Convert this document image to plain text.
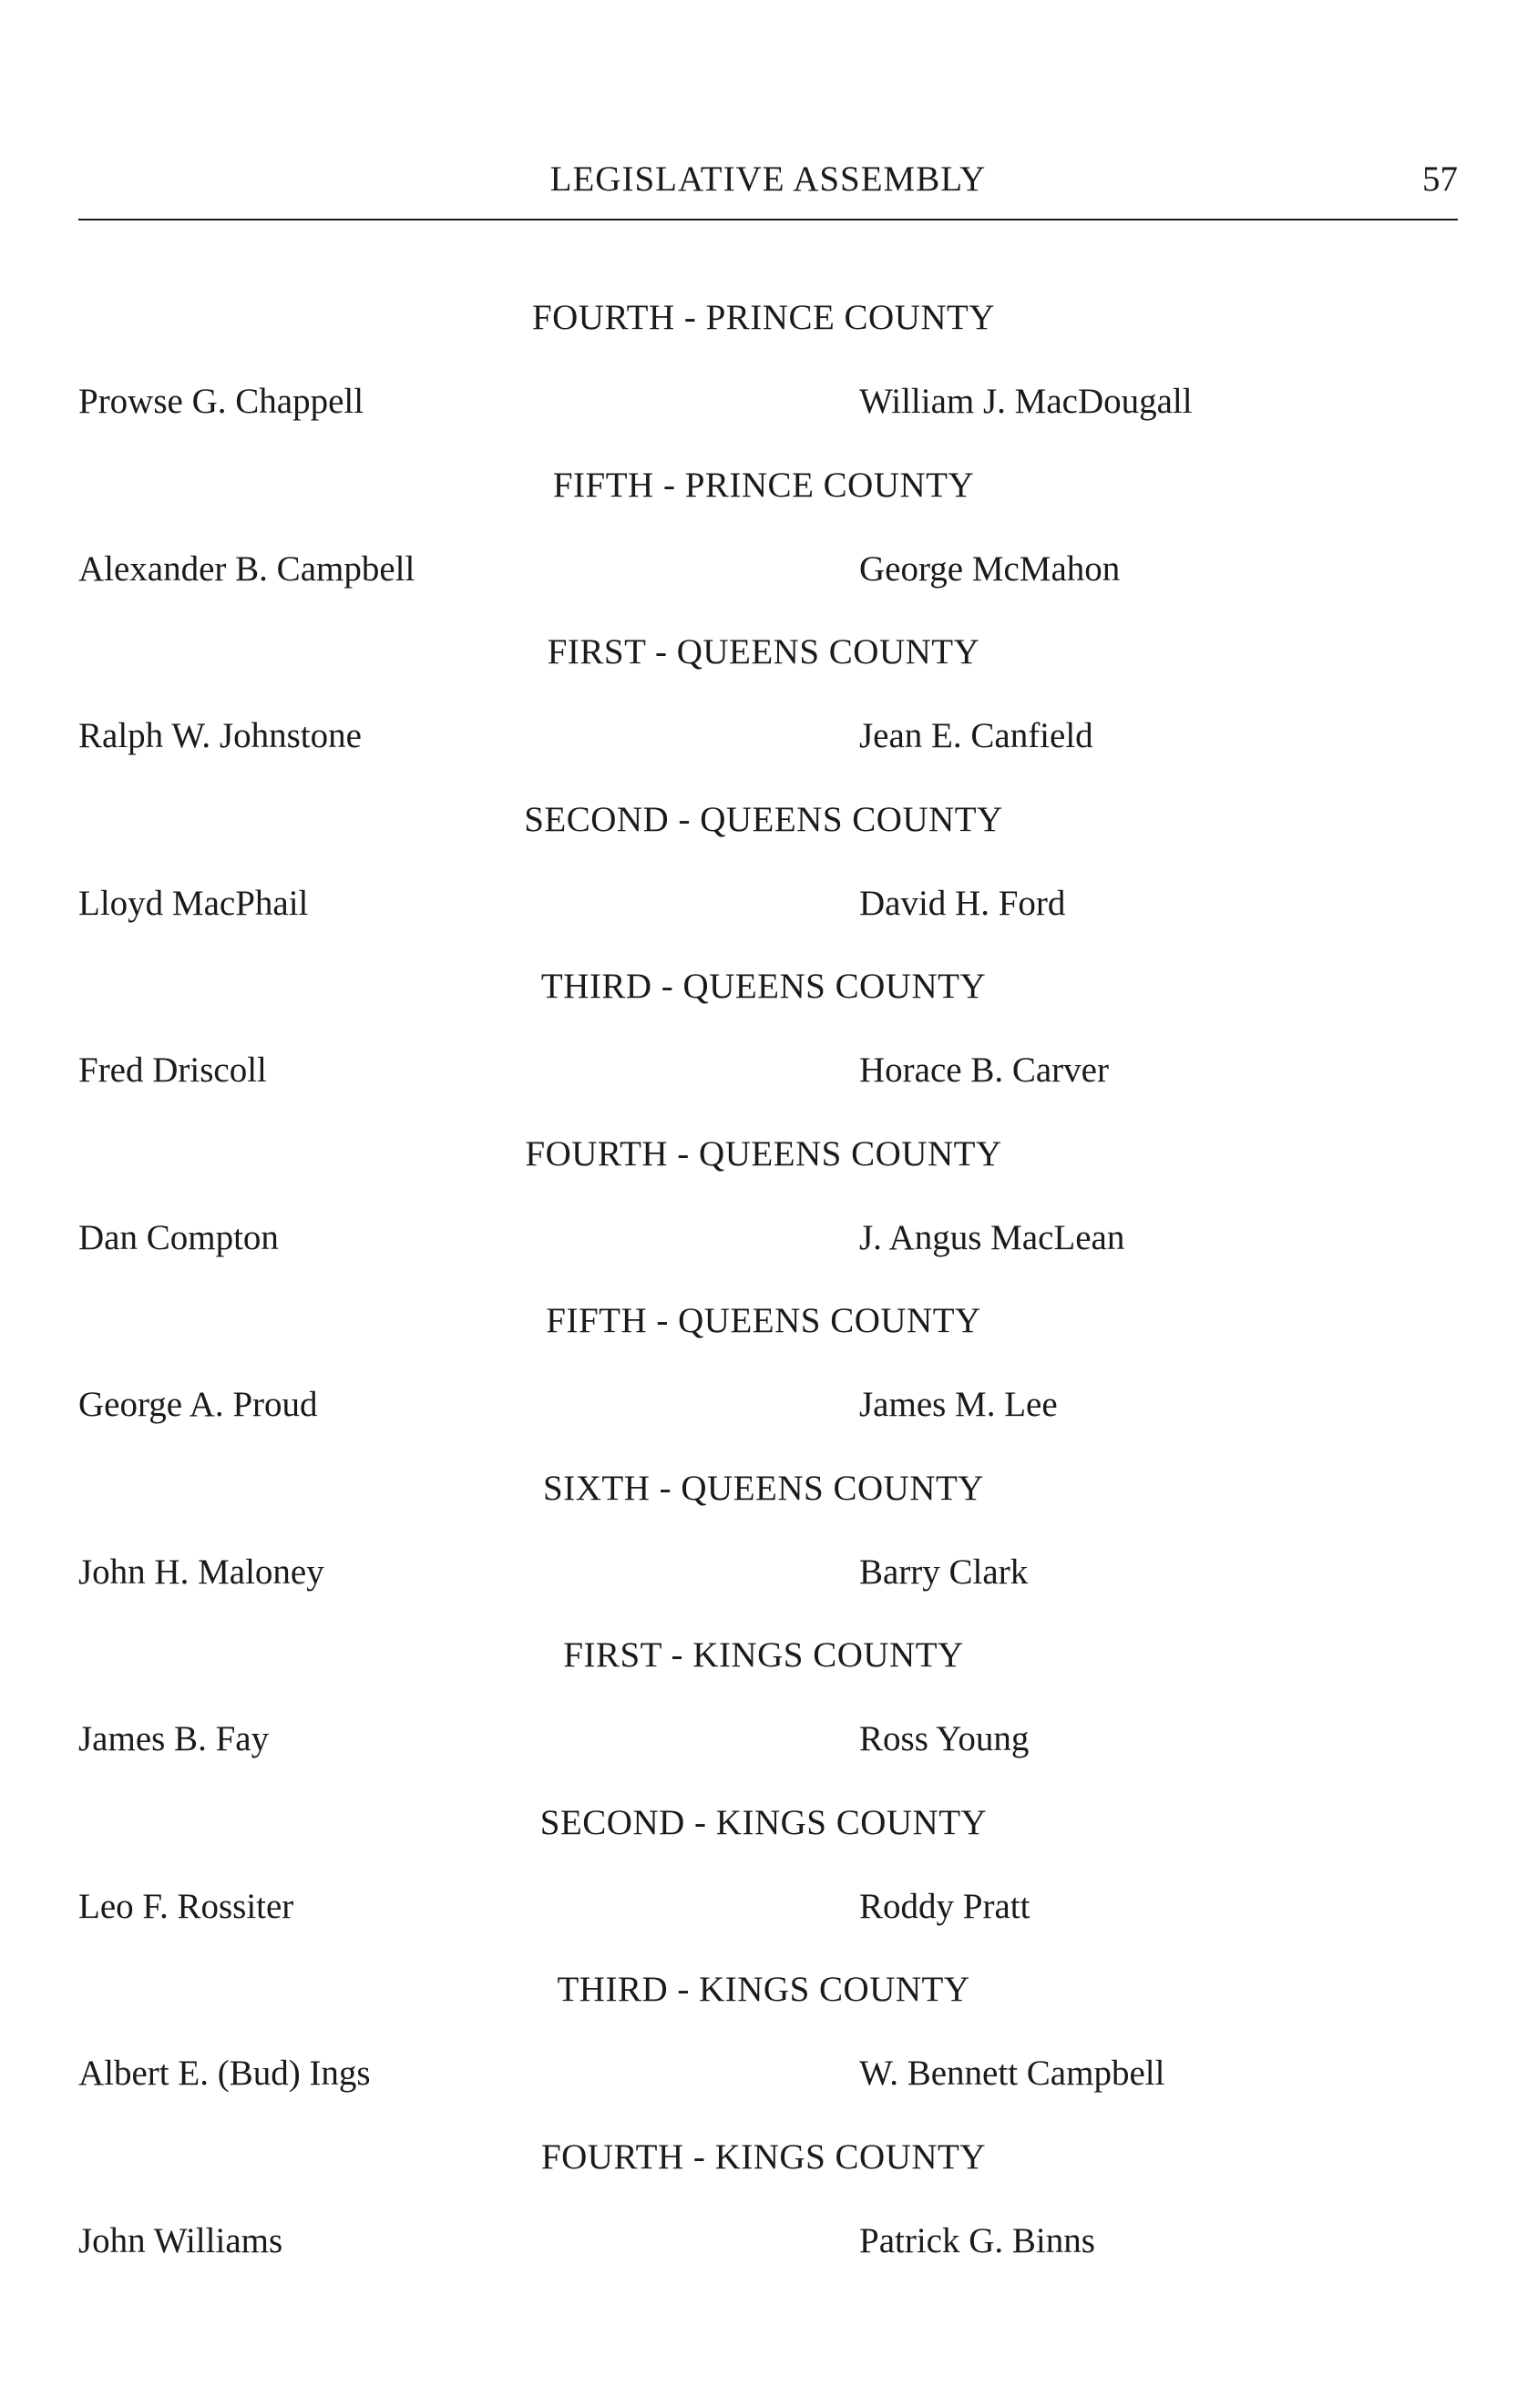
LEGISLATIVE ASSEMBLY	57
FOURTH - PRINCE COUNTY
Prowse G. Chappell	William J. MacDougall
FIFTH - PRINCE COUNTY
Alexander B. Campbell	George McMahon
FIRST - QUEENS COUNTY
Ralph W. Johnstone	Jean E. Canfield
SECOND - QUEENS COUNTY
Lloyd MacPhail	David H. Ford
THIRD - QUEENS COUNTY
Fred Driscoll	Horace B. Carver
FOURTH - QUEENS COUNTY
Dan Compton	J. Angus MacLean
FIFTH - QUEENS COUNTY
George A. Proud	James M. Lee
SIXTH - QUEENS COUNTY
John H. Maloney	Barry Clark
FIRST - KINGS COUNTY
James B. Fay	Ross Young
SECOND - KINGS COUNTY
Leo F. Rossiter	Roddy Pratt
THIRD - KINGS COUNTY
Albert E. (Bud) Ings	W. Bennett Campbell
FOURTH - KINGS COUNTY
John Williams	Patrick G. Binns
